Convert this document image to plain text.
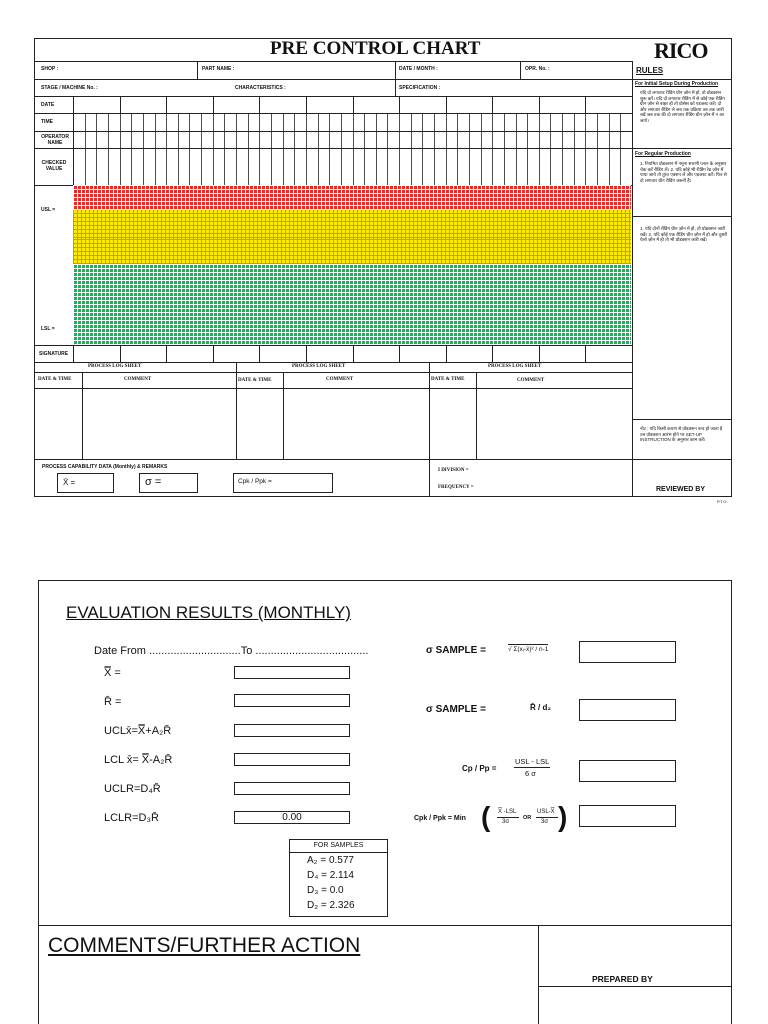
PRE CONTROL CHART	RICO
SHOP :	PART NAME :	DATE / MONTH :	OPR. No. :
STAGE / MACHINE No. :	CHARACTERISTICS :	SPECIFICATION :
DATE
TIME
OPERATOR NAME
CHECKED VALUE
USL =
LSL =
SIGNATURE
PROCESS LOG SHEET	PROCESS LOG SHEET	PROCESS LOG SHEET
DATE & TIME	COMMENT	DATE & TIME	COMMENT	DATE & TIME	COMMENT
PROCESS CAPABILITY DATA (Monthly) & REMARKS
X̄ =	σ =	Cpk / Ppk =
I DIVISION =
FREQUENCY =
P.T.O.
RULES
For Initial Setup During Production
यदि दो लगातार रीडिंग ग्रीन ज़ोन में हो, तो प्रोडक्शन शुरू करें। यदि दो लगातार रीडिंग में से कोई एक रीडिंग ग्रीन ज़ोन से बाहर हो तो प्रोसेस को एडजस्ट करें। दो और लगातार रीडिंग ले जब तक प्रक्रिया तब तक जारी रखें जब तक की दो लगातार रीडिंग ग्रीन ज़ोन में न आ जाये।
For Regular Production
1. नियमित प्रोडक्शन में नमूना सारणी प्लान के अनुसार चेक करें रीडिंग लें। 2. यदि कोई भी रीडिंग रेड ज़ोन में पाया जाये तो तुरंत एक्शन लें और एडजस्ट करें। फिर से दो लगातार ग्रीन रीडिंग जरूरी हैं।
1. यदि दोनों रीडिंग ग्रीन ज़ोन में हो, तो प्रोडक्शन जारी रखें। 2. यदि कोई एक रीडिंग ग्रीन ज़ोन में हो और दूसरी येलो ज़ोन में हो तो भी प्रोडक्शन जारी रखें।
नोट : यदि किसी कारण से प्रोडक्शन बन्द हो जाता है तब प्रोडक्शन आरंभ होने पर SET-UP INSTRUCTION के अनुसार काम करें।
REVIEWED BY
EVALUATION RESULTS (MONTHLY)
Date From ..............................To .....................................
X̿ =
R̄ =
UCLx̄=X̿+A₂R̄
LCL x̄= X̿-A₂R̄
UCLR=D₄R̄
LCLR=D₃R̄	0.00
σ SAMPLE =	√ Σ(xᵢ-x̄)² / n-1
σ SAMPLE =	R̄ / d₂
Cp / Pp =
USL - LSL
6 σ
Cpk / Ppk = Min ( X̿ -LSL
3σ
OR
USL-X̿
3σ )
FOR SAMPLES
A₂ = 0.577
D₄ = 2.114
D₃ = 0.0
D₂ = 2.326
COMMENTS/FURTHER ACTION
PREPARED BY
